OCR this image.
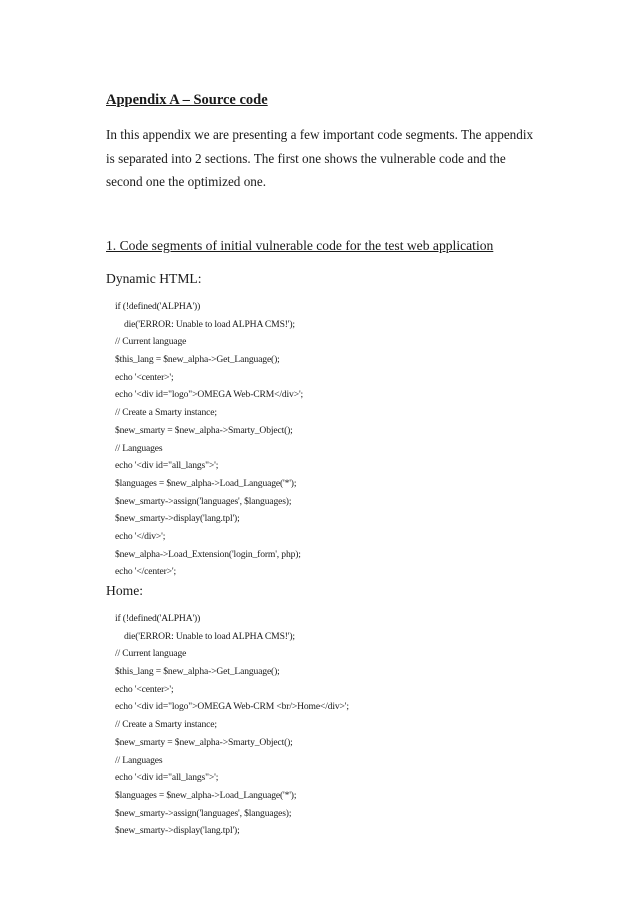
Appendix A – Source code
In this appendix we are presenting a few important code segments. The appendix
is separated into 2 sections. The first one shows the vulnerable code and the
second one the optimized one.
1. Code segments of initial vulnerable code for the test web application
Dynamic HTML:
if (!defined('ALPHA'))
die('ERROR: Unable to load ALPHA CMS!');
// Current language
$this_lang = $new_alpha->Get_Language();
echo '<center>';
echo '<div id="logo">OMEGA Web-CRM</div>';
// Create a Smarty instance;
$new_smarty = $new_alpha->Smarty_Object();
// Languages
echo '<div id="all_langs">';
$languages = $new_alpha->Load_Language('*');
$new_smarty->assign('languages', $languages);
$new_smarty->display('lang.tpl');
echo '</div>';
$new_alpha->Load_Extension('login_form', php);
echo '</center>';
Home:
if (!defined('ALPHA'))
die('ERROR: Unable to load ALPHA CMS!');
// Current language
$this_lang = $new_alpha->Get_Language();
echo '<center>';
echo '<div id="logo">OMEGA Web-CRM <br/>Home</div>';
// Create a Smarty instance;
$new_smarty = $new_alpha->Smarty_Object();
// Languages
echo '<div id="all_langs">';
$languages = $new_alpha->Load_Language('*');
$new_smarty->assign('languages', $languages);
$new_smarty->display('lang.tpl');
